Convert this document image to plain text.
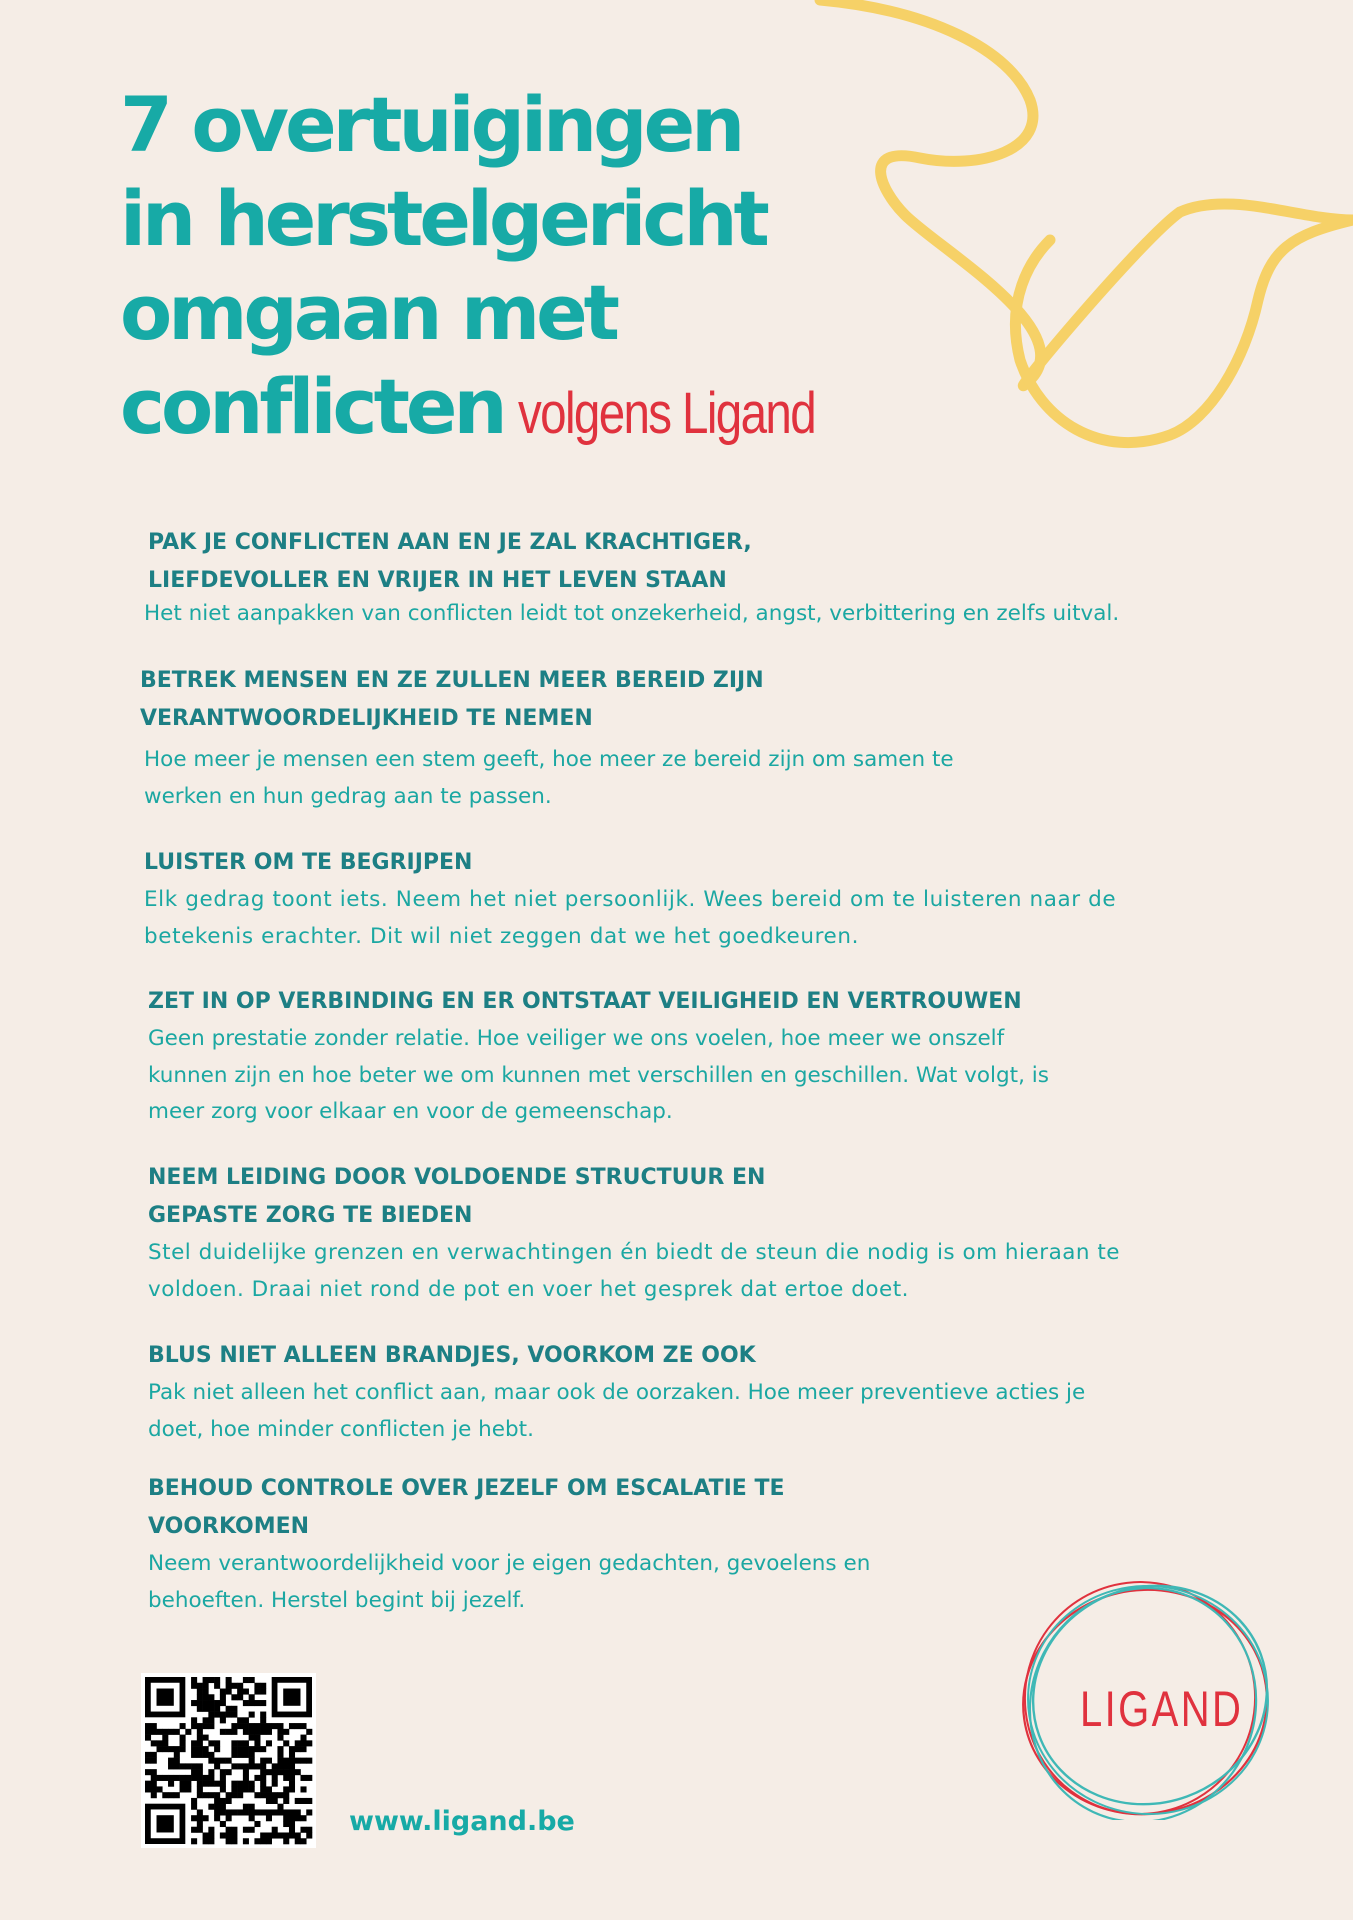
7 overtuigingen
in herstelgericht
omgaan met
conflicten volgens Ligand
PAK JE CONFLICTEN AAN EN JE ZAL KRACHTIGER,
LIEFDEVOLLER EN VRIJER IN HET LEVEN STAAN

Het niet aanpakken van conflicten leidt tot onzekerheid, angst, verbittering en zelfs uitval.

BETREK MENSEN EN ZE ZULLEN MEER BEREID ZIJN
VERANTWOORDELIJKHEID TE NEMEN

Hoe meer je mensen een stem geeft, hoe meer ze bereid zijn om samen te
werken en hun gedrag aan te passen.

LUISTER OM TE BEGRIJPEN

Elk gedrag toont iets. Neem het niet persoonlijk. Wees bereid om te luisteren naar de
betekenis erachter. Dit wil niet zeggen dat we het goedkeuren.

ZET IN OP VERBINDING EN ER ONTSTAAT VEILIGHEID EN VERTROUWEN

Geen prestatie zonder relatie. Hoe veiliger we ons voelen, hoe meer we onszelf
kunnen zijn en hoe beter we om kunnen met verschillen en geschillen. Wat volgt, is
meer zorg voor elkaar en voor de gemeenschap.

NEEM LEIDING DOOR VOLDOENDE STRUCTUUR EN
GEPASTE ZORG TE BIEDEN

Stel duidelijke grenzen en verwachtingen én biedt de steun die nodig is om hieraan te
voldoen. Draai niet rond de pot en voer het gesprek dat ertoe doet.

BLUS NIET ALLEEN BRANDJES, VOORKOM ZE OOK

Pak niet alleen het conflict aan, maar ook de oorzaken. Hoe meer preventieve acties je
doet, hoe minder conflicten je hebt.

BEHOUD CONTROLE OVER JEZELF OM ESCALATIE TE
VOORKOMEN

Neem verantwoordelijkheid voor je eigen gedachten, gevoelens en
behoeften. Herstel begint bij jezelf.

www.ligand.be
LIGAND
